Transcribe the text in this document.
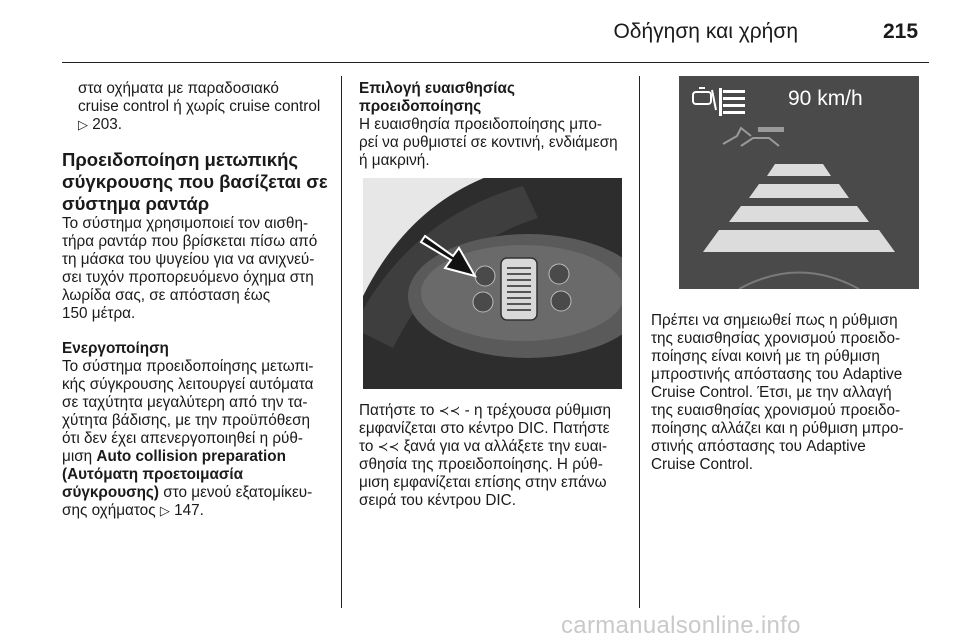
Οδήγηση και χρήση	215

στα οχήματα με παραδοσιακό

cruise control ή χωρίς cruise control

▷ 203.

Προειδοποίηση μετωπικής
σύγκρουσης που βασίζεται σε
σύστημα ραντάρ

Το σύστημα χρησιμοποιεί τον αισθη-

τήρα ραντάρ που βρίσκεται πίσω από

τη μάσκα του ψυγείου για να ανιχνεύ-

σει τυχόν προπορευόμενο όχημα στη

λωρίδα σας, σε απόσταση έως

150 μέτρα.

Ενεργοποίηση

Το σύστημα προειδοποίησης μετωπι-

κής σύγκρουσης λειτουργεί αυτόματα

σε ταχύτητα μεγαλύτερη από την τα-

χύτητα βάδισης, με την προϋπόθεση

ότι δεν έχει απενεργοποιηθεί η ρύθ-

μιση Auto collision preparation

(Αυτόματη προετοιμασία

σύγκρουσης) στο μενού εξατομίκευ-

σης οχήματος ▷ 147.

Επιλογή ευαισθησίας

προειδοποίησης

Η ευαισθησία προειδοποίησης μπο-

ρεί να ρυθμιστεί σε κοντινή, ενδιάμεση

ή μακρινή.

Πατήστε το ≺≺ - η τρέχουσα ρύθμιση

εμφανίζεται στο κέντρο DIC. Πατήστε

το ≺≺ ξανά για να αλλάξετε την ευαι-

σθησία της προειδοποίησης. Η ρύθ-

μιση εμφανίζεται επίσης στην επάνω

σειρά του κέντρου DIC.

90 km/h

Πρέπει να σημειωθεί πως η ρύθμιση

της ευαισθησίας χρονισμού προειδο-

ποίησης είναι κοινή με τη ρύθμιση

μπροστινής απόστασης του Adaptive

Cruise Control. Έτσι, με την αλλαγή

της ευαισθησίας χρονισμού προειδο-

ποίησης αλλάζει και η ρύθμιση μπρο-

στινής απόστασης του Adaptive

Cruise Control.

carmanualsonline.info
